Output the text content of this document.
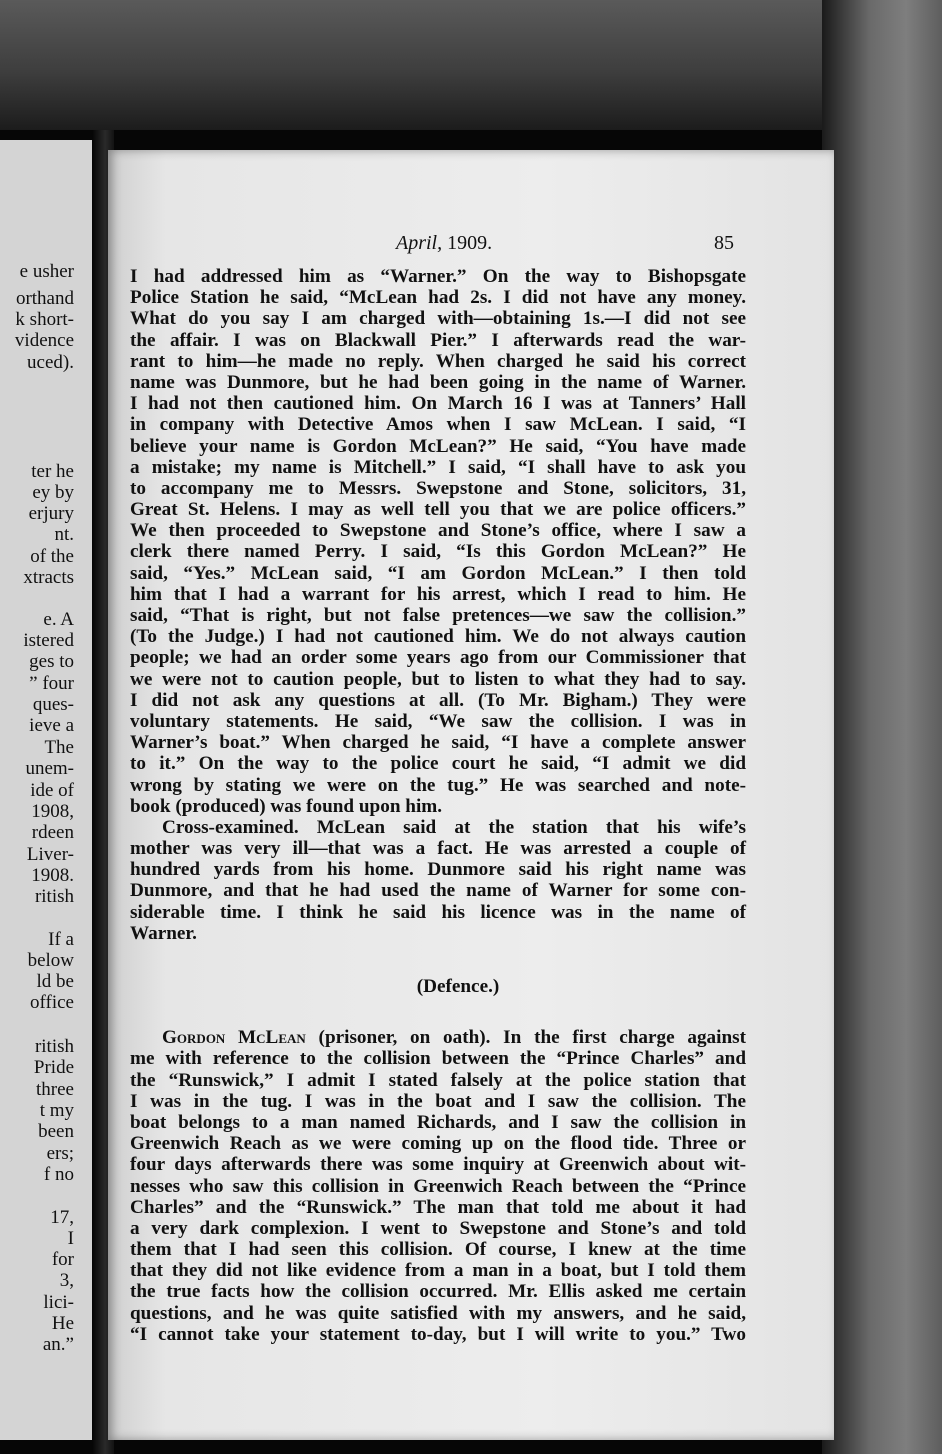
e usher
orthand
k short-
vidence
uced).
ter he
ey by
erjury
nt.
of the
xtracts
e. A
istered
ges to
” four
ques-
ieve a
The
unem-
ide of
1908,
rdeen
Liver-
1908.
ritish
If a
below
ld be
office
ritish
Pride
three
t my
been
ers;
f no
17,
I
for
3,
lici-
He
an.”
April, 1909.	85
I had addressed him as “Warner.” On the way to Bishopsgate
Police Station he said, “McLean had 2s. I did not have any money.
What do you say I am charged with—obtaining 1s.—I did not see
the affair. I was on Blackwall Pier.” I afterwards read the war-
rant to him—he made no reply. When charged he said his correct
name was Dunmore, but he had been going in the name of Warner.
I had not then cautioned him. On March 16 I was at Tanners’ Hall
in company with Detective Amos when I saw McLean. I said, “I
believe your name is Gordon McLean?” He said, “You have made
a mistake; my name is Mitchell.” I said, “I shall have to ask you
to accompany me to Messrs. Swepstone and Stone, solicitors, 31,
Great St. Helens. I may as well tell you that we are police officers.”
We then proceeded to Swepstone and Stone’s office, where I saw a
clerk there named Perry. I said, “Is this Gordon McLean?” He
said, “Yes.” McLean said, “I am Gordon McLean.” I then told
him that I had a warrant for his arrest, which I read to him. He
said, “That is right, but not false pretences—we saw the collision.”
(To the Judge.) I had not cautioned him. We do not always caution
people; we had an order some years ago from our Commissioner that
we were not to caution people, but to listen to what they had to say.
I did not ask any questions at all. (To Mr. Bigham.) They were
voluntary statements. He said, “We saw the collision. I was in
Warner’s boat.” When charged he said, “I have a complete answer
to it.” On the way to the police court he said, “I admit we did
wrong by stating we were on the tug.” He was searched and note-
book (produced) was found upon him.
Cross-examined. McLean said at the station that his wife’s
mother was very ill—that was a fact. He was arrested a couple of
hundred yards from his home. Dunmore said his right name was
Dunmore, and that he had used the name of Warner for some con-
siderable time. I think he said his licence was in the name of
Warner.
(Defence.)
Gordon McLean (prisoner, on oath). In the first charge against
me with reference to the collision between the “Prince Charles” and
the “Runswick,” I admit I stated falsely at the police station that
I was in the tug. I was in the boat and I saw the collision. The
boat belongs to a man named Richards, and I saw the collision in
Greenwich Reach as we were coming up on the flood tide. Three or
four days afterwards there was some inquiry at Greenwich about wit-
nesses who saw this collision in Greenwich Reach between the “Prince
Charles” and the “Runswick.” The man that told me about it had
a very dark complexion. I went to Swepstone and Stone’s and told
them that I had seen this collision. Of course, I knew at the time
that they did not like evidence from a man in a boat, but I told them
the true facts how the collision occurred. Mr. Ellis asked me certain
questions, and he was quite satisfied with my answers, and he said,
“I cannot take your statement to-day, but I will write to you.” Two
